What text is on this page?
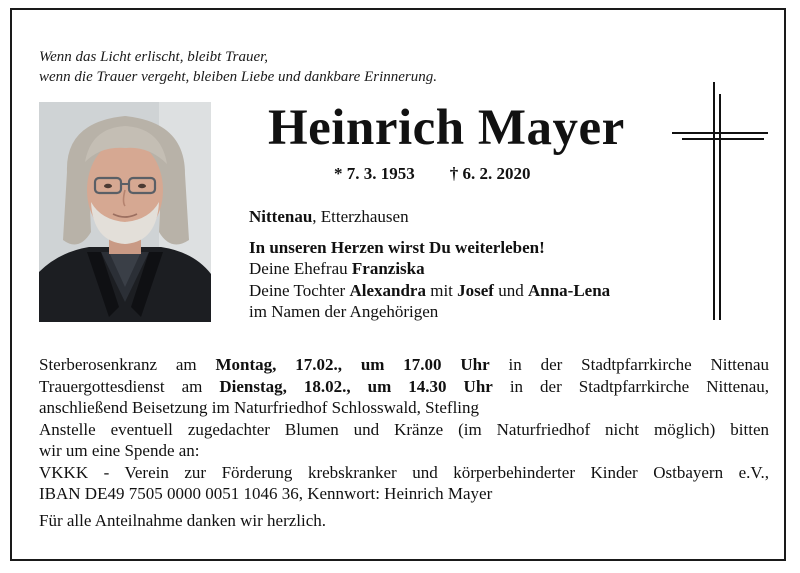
Wenn das Licht erlischt, bleibt Trauer,
wenn die Trauer vergeht, bleiben Liebe und dankbare Erinnerung.
Heinrich Mayer
* 7. 3. 1953 † 6. 2. 2020
Nittenau, Etterzhausen
In unseren Herzen wirst Du weiterleben!
Deine Ehefrau Franziska
Deine Tochter Alexandra mit Josef und Anna-Lena
im Namen der Angehörigen
Sterberosenkranz am Montag, 17.02., um 17.00 Uhr in der Stadtpfarrkirche Nittenau
Trauergottesdienst am Dienstag, 18.02., um 14.30 Uhr in der Stadtpfarrkirche Nittenau,
anschließend Beisetzung im Naturfriedhof Schlosswald, Stefling
Anstelle eventuell zugedachter Blumen und Kränze (im Naturfriedhof nicht möglich) bitten
wir um eine Spende an:
VKKK - Verein zur Förderung krebskranker und körperbehinderter Kinder Ostbayern e.V.,
IBAN DE49 7505 0000 0051 1046 36, Kennwort: Heinrich Mayer
Für alle Anteilnahme danken wir herzlich.
